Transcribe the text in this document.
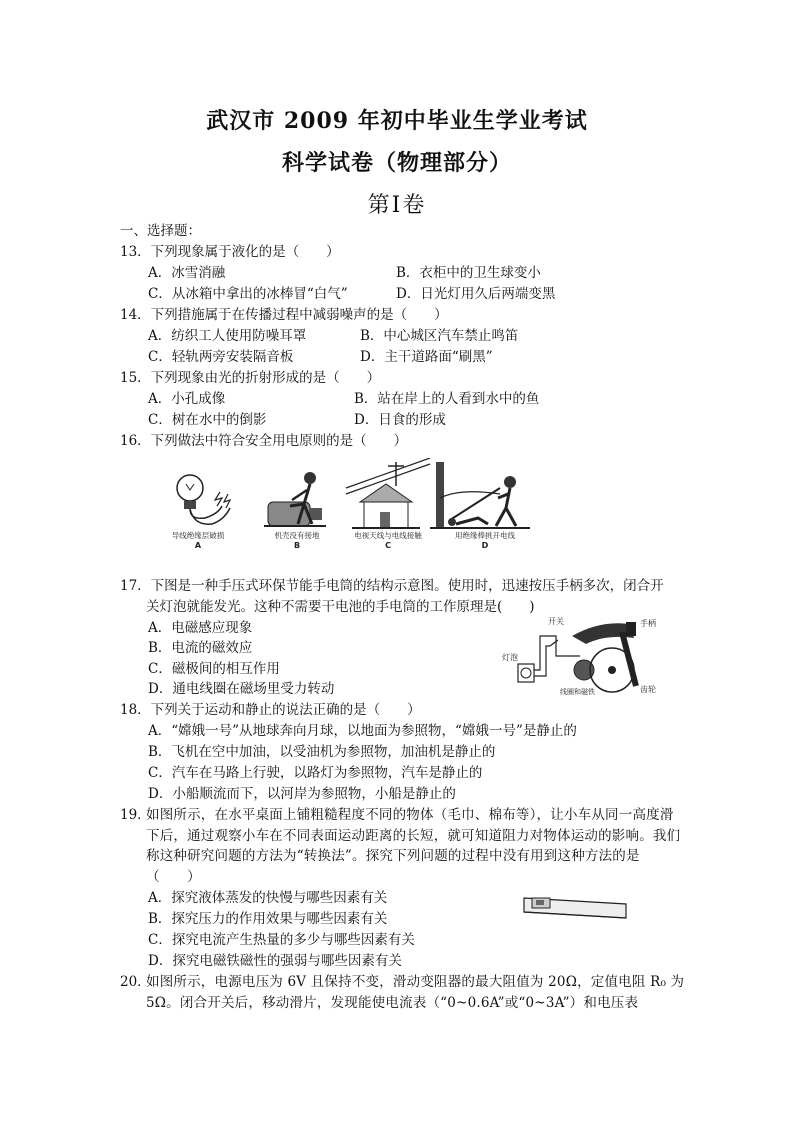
武汉市 2009 年初中毕业生学业考试
科学试卷（物理部分）
第Ⅰ卷
一、选择题：
13．下列现象属于液化的是（　　）
A．冰雪消融	B．衣柜中的卫生球变小
C．从冰箱中拿出的冰棒冒“白气”	D．日光灯用久后两端变黑
14．下列措施属于在传播过程中减弱噪声的是（　　）
A．纺织工人使用防噪耳罩	B．中心城区汽车禁止鸣笛
C．轻轨两旁安装隔音板	D．主干道路面“刷黑”
15．下列现象由光的折射形成的是（　　）
A．小孔成像	B．站在岸上的人看到水中的鱼
C．树在水中的倒影	D．日食的形成
16．下列做法中符合安全用电原则的是（　　）
导线绝缘层破损
A
机壳没有接地
B
电视天线与电线接触
C
用绝缘棒挑开电线
D
17．下图是一种手压式环保节能手电筒的结构示意图。使用时，迅速按压手柄多次，闭合开
关灯泡就能发光。这种不需要干电池的手电筒的工作原理是(　　)
A．电磁感应现象
B．电流的磁效应
C．磁极间的相互作用
D．通电线圈在磁场里受力转动
开关	手柄
灯泡
线圈和磁铁	齿轮
18．下列关于运动和静止的说法正确的是（　　）
A．“嫦娥一号”从地球奔向月球，以地面为参照物，“嫦娥一号”是静止的
B．飞机在空中加油，以受油机为参照物，加油机是静止的
C．汽车在马路上行驶，以路灯为参照物，汽车是静止的
D．小船顺流而下，以河岸为参照物，小船是静止的
19．
如图所示，在水平桌面上铺粗糙程度不同的物体（毛巾、棉布等），让小车从同一高度滑下后，通过观察小车在不同表面运动距离的长短，就可知道阻力对物体运动的影响。我们称这种研究问题的方法为“转换法”。探究下列问题的过程中没有用到这种方法的是（　　）
A．探究液体蒸发的快慢与哪些因素有关
B．探究压力的作用效果与哪些因素有关
C．探究电流产生热量的多少与哪些因素有关
D．探究电磁铁磁性的强弱与哪些因素有关
20．
如图所示，电源电压为 6V 且保持不变，滑动变阻器的最大阻值为 20Ω，定值电阻 R₀ 为 5Ω。闭合开关后，移动滑片，发现能使电流表（“0~0.6A”或“0~3A”）和电压表
